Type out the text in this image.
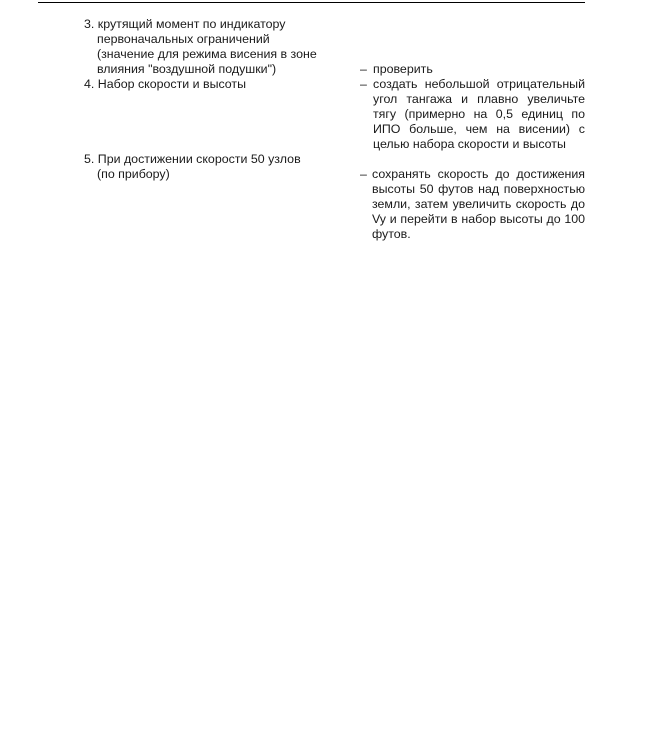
3. крутящий момент по индикатору
первоначальных ограничений
(значение для режима висения в зоне
влияния "воздушной подушки")	– проверить
4. Набор скорости и высоты	– создать небольшой отрицательный угол тангажа и плавно увеличьте тягу (примерно на 0,5 единиц по ИПО больше, чем на висении) с целью набора скорости и высоты
5. При достижении скорости 50 узлов
(по прибору)	– сохранять скорость до достижения высоты 50 футов над поверхностью земли, затем увеличить скорость до Vy и перейти в набор высоты до 100 футов.
